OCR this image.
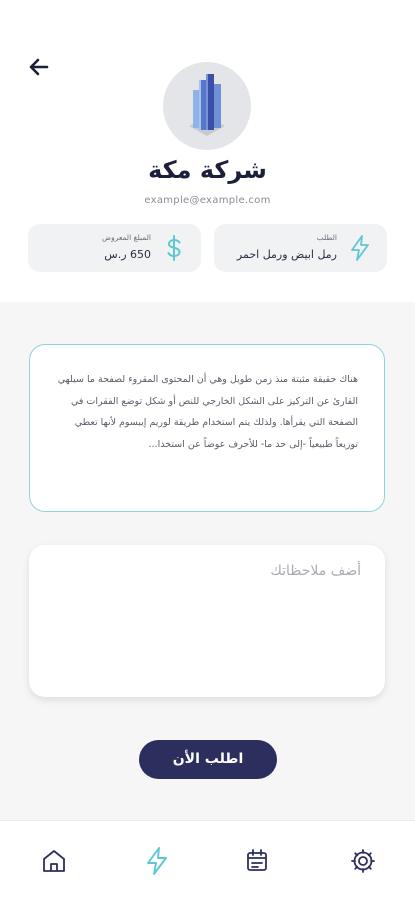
شركة مكة
example@example.com
الطلب
رمل ابيض ورمل احمر
المبلغ المعروض
650 ر.س
هناك حقيقة مثبتة منذ زمن طويل وهي أن المحتوى المقروء لصفحة ما سيلهي القارئ عن التركيز على الشكل الخارجي للنص أو شكل توضع الفقرات في الصفحة التي يقرأها. ولذلك يتم استخدام طريقة لوريم إيبسوم لأنها تعطي توزيعاً طبيعياً -إلى حد ما- للأحرف عوضاً عن استخدا...
أضف ملاحظاتك
اطلب الأن
